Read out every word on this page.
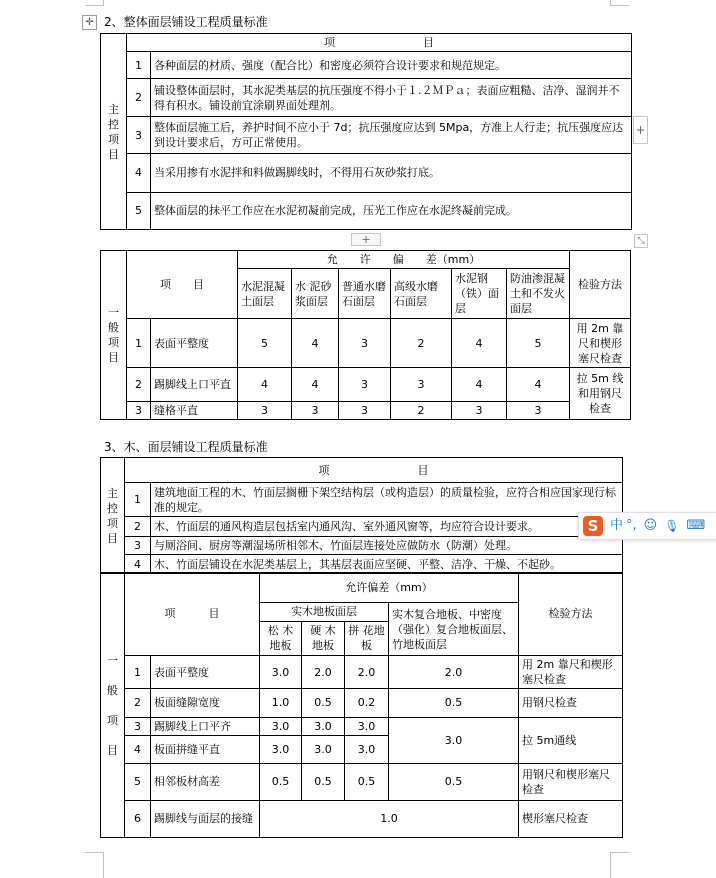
✛ 2、整体面层铺设工程质量标准
主
控
项
目	项　　　　　　　　目	
	1	各种面层的材质、强度（配合比）和密度必须符合设计要求和规范规定。
	2	铺设整体面层时，其水泥类基层的抗压强度不得小于１.２ＭＰａ；表面应粗糙、洁净、湿润并不得有积水。铺设前宜涂刷界面处理剂。
	3	整体面层施工后，养护时间不应小于 7d；抗压强度应达到 5Mpa，方准上人行走；抗压强度应达到设计要求后，方可正常使用。
	4	当采用掺有水泥拌和料做踢脚线时，不得用石灰砂浆打底。
	5	整体面层的抹平工作应在水泥初凝前完成，压光工作应在水泥终凝前完成。
+
+	⤡
一
般
项
目	项　　目		允　　许　　偏　　差（mm）						检验方法
			水泥混凝土面层	水 泥砂 浆面层	普通水磨石面层	高级水磨石面层	水泥钢（铁）面层	防油渗混凝土和不发火面层	
	1	表面平整度	5	4	3	2	4	5	用 2m 靠尺和楔形塞尺检查
	2	踢脚线上口平直	4	4	3	3	4	4	拉 5m 线和用钢尺检查
	3	缝格平直	3	3	3	2	3	3	
3、木、面层铺设工程质量标准
主
控
项
目	项　　　　　　　　目	
	1	建筑地面工程的木、竹面层搁栅下架空结构层（或构造层）的质量检验，应符合相应国家现行标准的规定。
	2	木、竹面层的通风构造层包括室内通风沟、室外通风窗等，均应符合设计要求。
	3	与厕浴间、厨房等潮湿场所相邻木、竹面层连接处应做防水（防潮）处理。
	4	木、竹面层铺设在水泥类基层上，其基层表面应坚硬、平整、洁净、干燥、不起砂。
一

般

项

目	项　　　目		允许偏差（mm）				检验方法
			实木地板面层			实木复合地板、中密度（强化）复合地板面层、竹地板面层	
			松 木地板	硬 木地板	拼 花地板		
	1	表面平整度	3.0	2.0	2.0	2.0	用 2m 靠尺和楔形塞尺检查
	2	板面缝隙宽度	1.0	0.5	0.2	0.5	用钢尺检查
	3	踢脚线上口平齐	3.0	3.0	3.0	3.0	拉 5m通线
	4	板面拼缝平直	3.0	3.0	3.0		
	5	相邻板材高差	0.5	0.5	0.5	0.5	用钢尺和楔形塞尺检查
	6	踢脚线与面层的接缝	1.0				楔形塞尺检查
S 中 °, ☺ 🎙 ⌨
